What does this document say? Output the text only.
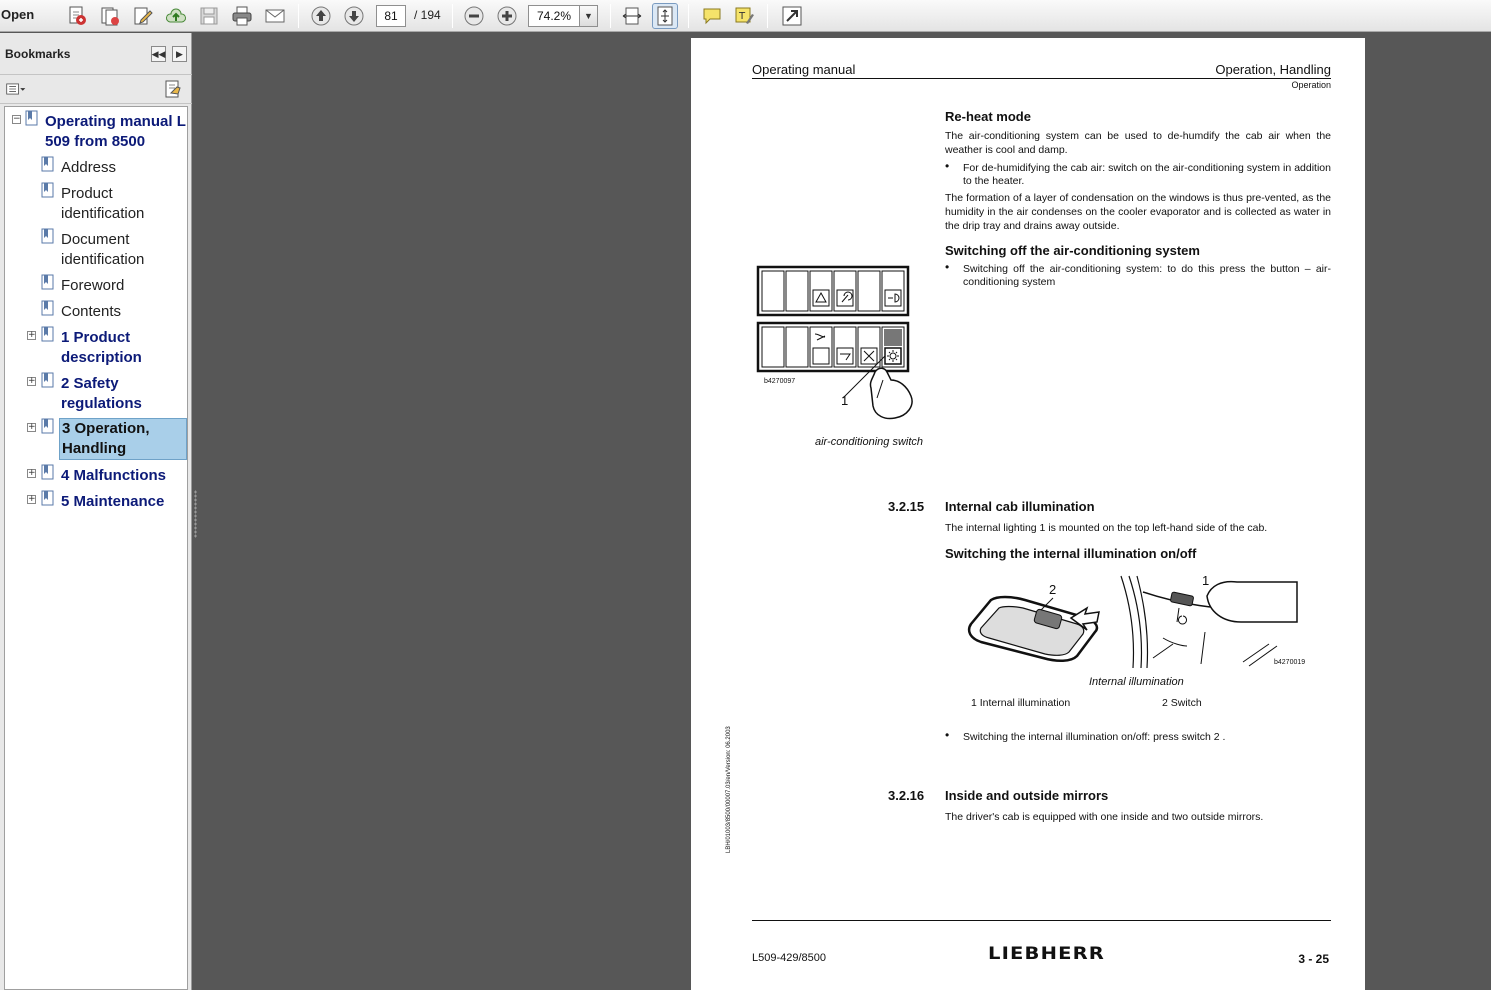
Open
81	/ 194
74.2%	▼	T
Bookmarks	◀◀	▶
− Operating manual L 509 from 8500
Address
Product identification
Document identification
Foreword
Contents
+ 1 Product description
+ 2 Safety regulations
+ 3 Operation, Handling
+ 4 Malfunctions
+ 5 Maintenance
Operating manual	Operation, Handling
Operation
Re-heat mode
The air-conditioning system can be used to de-humdify the cab air when the weather is cool and damp.
• For de-humidifying the cab air: switch on the air-conditioning system in addition to the heater.
The formation of a layer of condensation on the windows is thus pre-vented, as the humidity in the air condenses on the cooler evaporator and is collected as water in the drip tray and drains away outside.
Switching off the air-conditioning system
• Switching off the air-conditioning system: to do this press the button – air-conditioning system
b4270097
1
air-conditioning switch
3.2.15 Internal cab illumination
The internal lighting 1 is mounted on the top left-hand side of the cab.
Switching the internal illumination on/off
2
1
b4270019
Internal illumination
1 Internal illumination	2 Switch
• Switching the internal illumination on/off: press switch 2 .
3.2.16 Inside and outside mirrors
The driver's cab is equipped with one inside and two outside mirrors.
LBH/01003/8500/00007.03/en/Version: 06.2003
L509-429/8500	LIEBHERR	3 - 25
